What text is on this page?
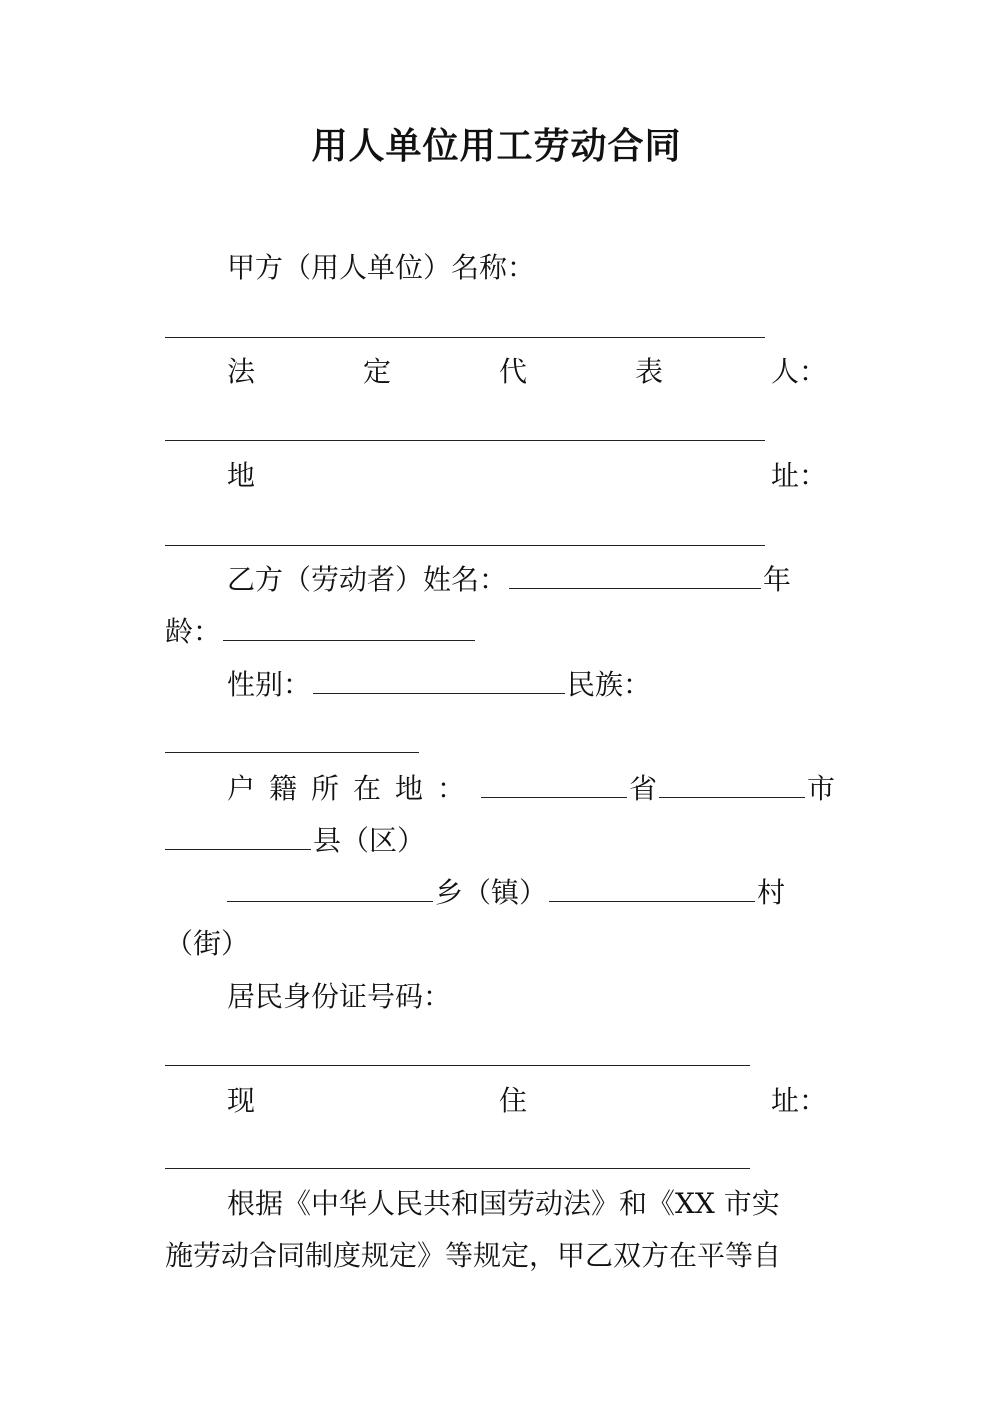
用人单位用工劳动合同
甲方（用人单位）名称：
法	定	代	表	人：
地	址：
乙方（劳动者）姓名：	年
龄：
性别：	民族：
户籍所在地：	省	市
县（区）
乡（镇）	村
（街）
居民身份证号码：
现	住	址：
根据《中华人民共和国劳动法》和《XX 市实
施劳动合同制度规定》等规定，甲乙双方在平等自
